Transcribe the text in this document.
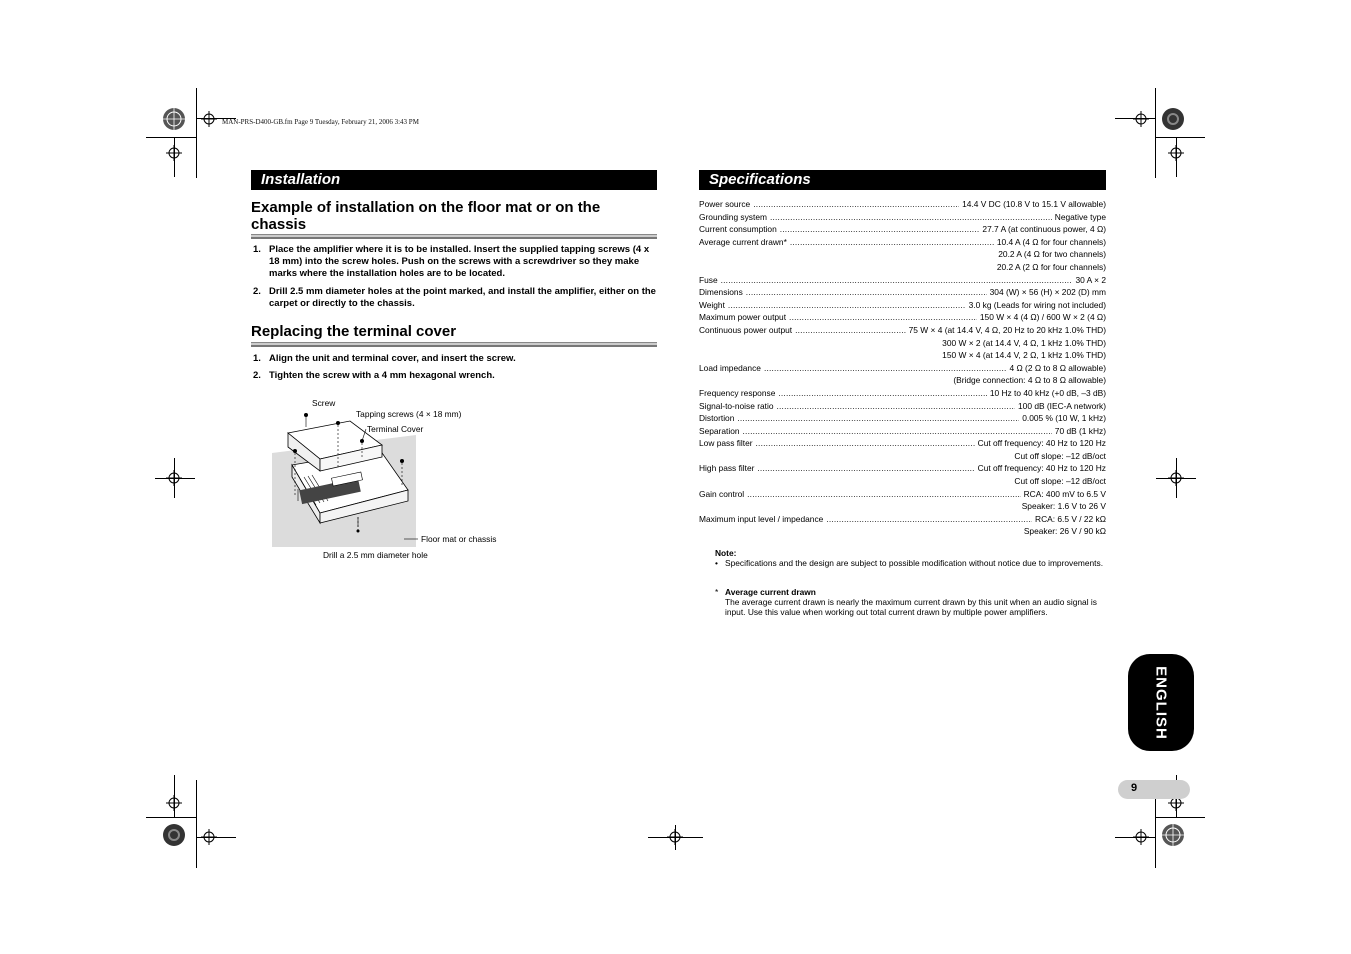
MAN-PRS-D400-GB.fm Page 9 Tuesday, February 21, 2006 3:43 PM
Installation
Example of installation on the floor mat or on the chassis
1. Place the amplifier where it is to be installed. Insert the supplied tapping screws (4 x 18 mm) into the screw holes. Push on the screws with a screwdriver so they make marks where the installation holes are to be located.
2. Drill 2.5 mm diameter holes at the point marked, and install the amplifier, either on the carpet or directly to the chassis.
Replacing the terminal cover
1. Align the unit and terminal cover, and insert the screw.
2. Tighten the screw with a 4 mm hexagonal wrench.
Screw
Tapping screws (4 × 18 mm)
Terminal Cover
Floor mat or chassis
Drill a 2.5 mm diameter hole
Specifications
Power source .....	14.4 V DC (10.8 V to 15.1 V allowable)
Grounding system .....	Negative type
Current consumption .....	27.7 A (at continuous power, 4 Ω)
Average current drawn* .....	10.4 A (4 Ω for four channels)
20.2 A (4 Ω for two channels)
20.2 A (2 Ω for four channels)
Fuse .....	30 A × 2
Dimensions .....	304 (W) × 56 (H) × 202 (D) mm
Weight .....	3.0 kg (Leads for wiring not included)
Maximum power output .....	150 W × 4 (4 Ω) / 600 W × 2 (4 Ω)
Continuous power output .....	75 W × 4 (at 14.4 V, 4 Ω, 20 Hz to 20 kHz 1.0% THD)
300 W × 2 (at 14.4 V, 4 Ω, 1 kHz 1.0% THD)
150 W × 4 (at 14.4 V, 2 Ω, 1 kHz 1.0% THD)
Load impedance .....	4 Ω (2 Ω to 8 Ω allowable)
(Bridge connection: 4 Ω to 8 Ω allowable)
Frequency response .....	10 Hz to 40 kHz (+0 dB, –3 dB)
Signal-to-noise ratio .....	100 dB (IEC-A network)
Distortion .....	0.005 % (10 W, 1 kHz)
Separation .....	70 dB (1 kHz)
Low pass filter .....	Cut off frequency: 40 Hz to 120 Hz
Cut off slope: –12 dB/oct
High pass filter .....	Cut off frequency: 40 Hz to 120 Hz
Cut off slope: –12 dB/oct
Gain control .....	RCA: 400 mV to 6.5 V
Speaker: 1.6 V to 26 V
Maximum input level / impedance .....	RCA: 6.5 V / 22 kΩ
Speaker: 26 V / 90 kΩ
Note:
• Specifications and the design are subject to possible modification without notice due to improvements.
* Average current drawn
The average current drawn is nearly the maximum current drawn by this unit when an audio signal is input. Use this value when working out total current drawn by multiple power amplifiers.
ENGLISH
9
